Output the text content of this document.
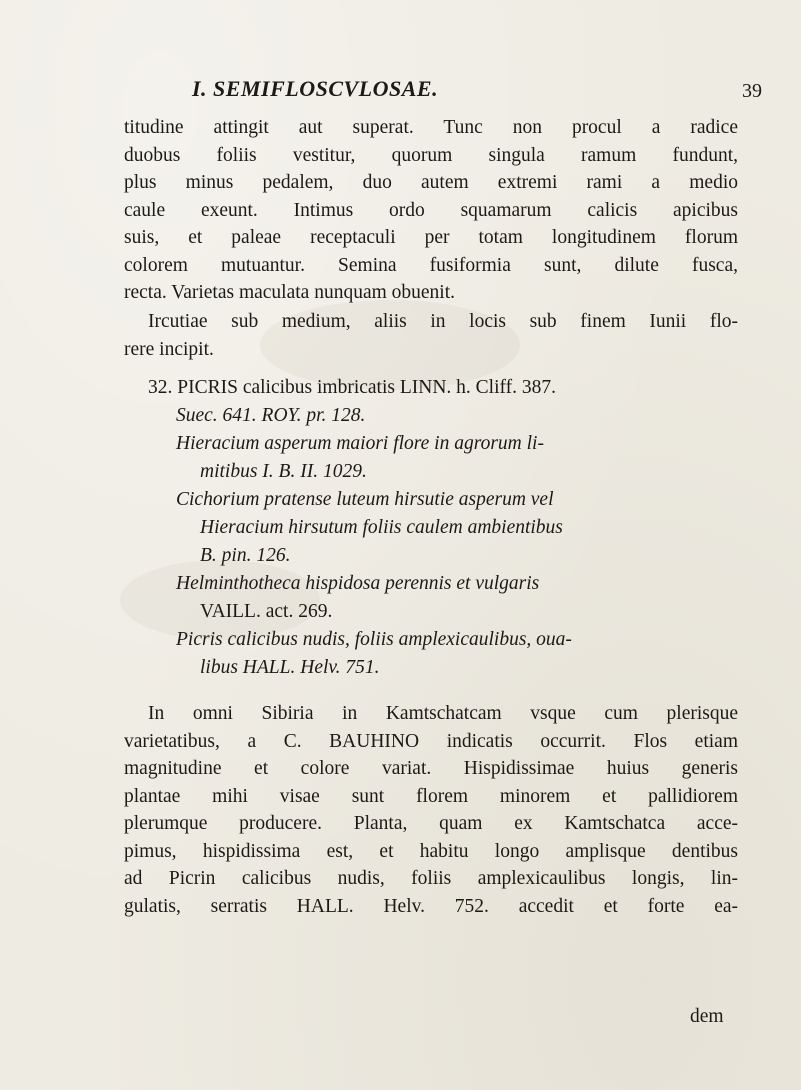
I. SEMIFLOSCVLOSAE.	39
titudine attingit aut superat. Tunc non procul a radice
duobus foliis vestitur, quorum singula ramum fundunt,
plus minus pedalem, duo autem extremi rami a medio
caule exeunt. Intimus ordo squamarum calicis apicibus
suis, et paleae receptaculi per totam longitudinem florum
colorem mutuantur. Semina fusiformia sunt, dilute fusca,
recta. Varietas maculata nunquam obuenit.
Ircutiae sub medium, aliis in locis sub finem Iunii flo-
rere incipit.
32. PICRIS calicibus imbricatis LINN. h. Cliff. 387.
Suec. 641. ROY. pr. 128.
Hieracium asperum maiori flore in agrorum li-
mitibus I. B. II. 1029.
Cichorium pratense luteum hirsutie asperum vel
Hieracium hirsutum foliis caulem ambientibus
B. pin. 126.
Helminthotheca hispidosa perennis et vulgaris
VAILL. act. 269.
Picris calicibus nudis, foliis amplexicaulibus, oua-
libus HALL. Helv. 751.
In omni Sibiria in Kamtschatcam vsque cum plerisque
varietatibus, a C. BAUHINO indicatis occurrit. Flos etiam
magnitudine et colore variat. Hispidissimae huius generis
plantae mihi visae sunt florem minorem et pallidiorem
plerumque producere. Planta, quam ex Kamtschatca acce-
pimus, hispidissima est, et habitu longo amplisque dentibus
ad Picrin calicibus nudis, foliis amplexicaulibus longis, lin-
gulatis, serratis HALL. Helv. 752. accedit et forte ea-
dem
